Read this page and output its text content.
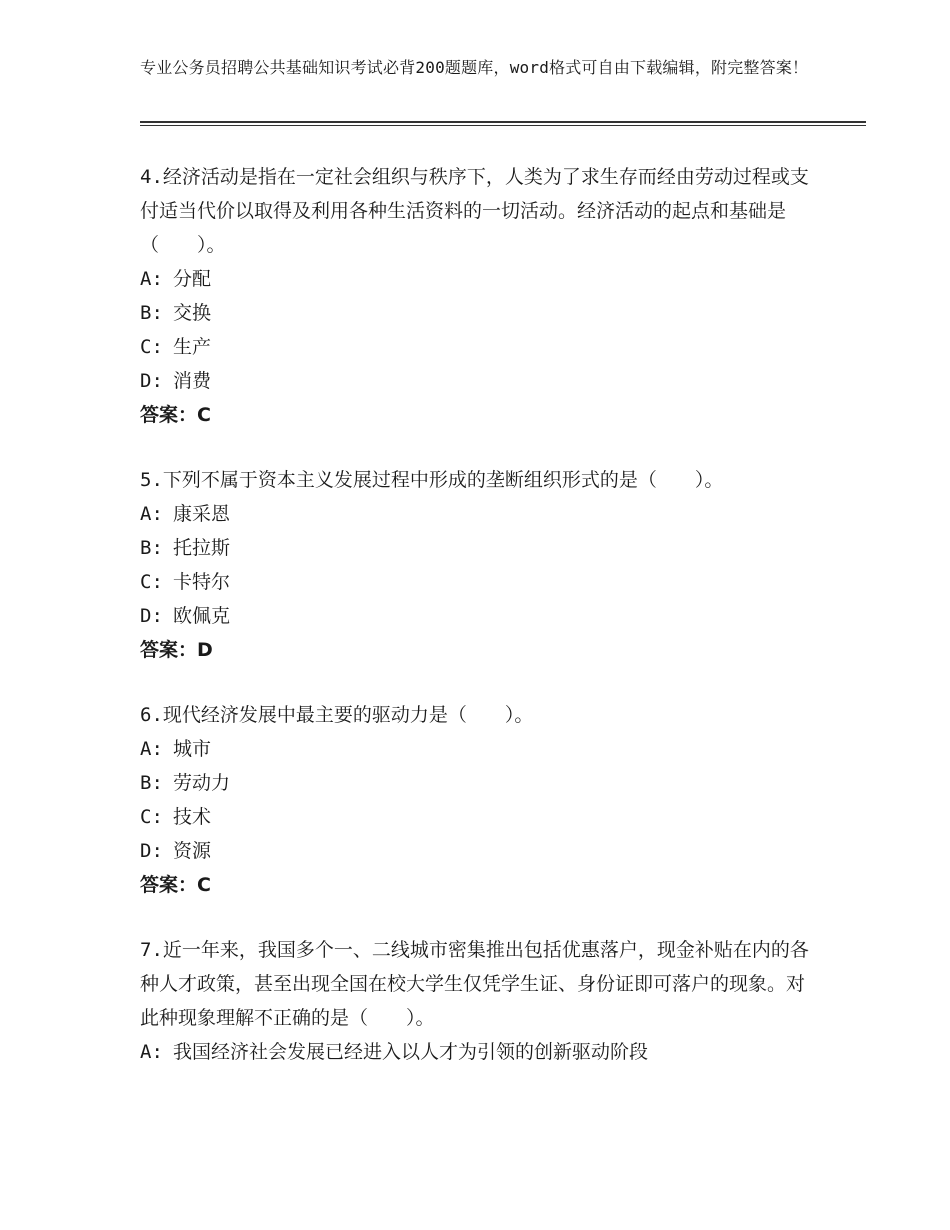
专业公务员招聘公共基础知识考试必背200题题库，word格式可自由下载编辑，附完整答案！

4.经济活动是指在一定社会组织与秩序下，人类为了求生存而经由劳动过程或支付适当代价以取得及利用各种生活资料的一切活动。经济活动的起点和基础是（　　）。

A: 分配

B: 交换

C: 生产

D: 消费

答案：C

5.下列不属于资本主义发展过程中形成的垄断组织形式的是（　　）。

A: 康采恩

B: 托拉斯

C: 卡特尔

D: 欧佩克

答案：D

6.现代经济发展中最主要的驱动力是（　　）。

A: 城市

B: 劳动力

C: 技术

D: 资源

答案：C

7.近一年来，我国多个一、二线城市密集推出包括优惠落户，现金补贴在内的各种人才政策，甚至出现全国在校大学生仅凭学生证、身份证即可落户的现象。对此种现象理解不正确的是（　　）。

A: 我国经济社会发展已经进入以人才为引领的创新驱动阶段
